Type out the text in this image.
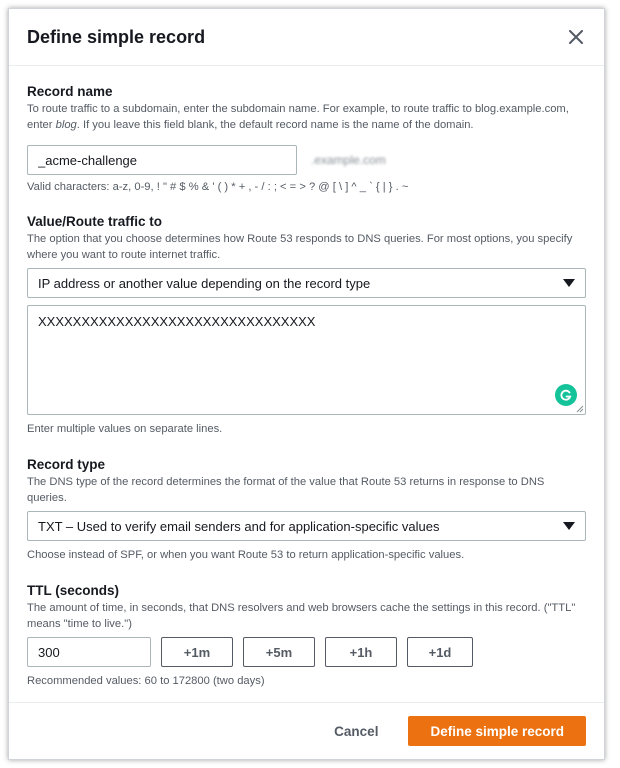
Define simple record
Record name
To route traffic to a subdomain, enter the subdomain name. For example, to route traffic to blog.example.com, enter blog. If you leave this field blank, the default record name is the name of the domain.
_acme-challenge
.example.com
Valid characters: a-z, 0-9, ! " # $ % & ' ( ) * + , - / : ; < = > ? @ [ \ ] ^ _ ` { | } . ~
Value/Route traffic to
The option that you choose determines how Route 53 responds to DNS queries. For most options, you specify where you want to route internet traffic.
IP address or another value depending on the record type
XXXXXXXXXXXXXXXXXXXXXXXXXXXXXXXX
Enter multiple values on separate lines.
Record type
The DNS type of the record determines the format of the value that Route 53 returns in response to DNS queries.
TXT – Used to verify email senders and for application-specific values
Choose instead of SPF, or when you want Route 53 to return application-specific values.
TTL (seconds)
The amount of time, in seconds, that DNS resolvers and web browsers cache the settings in this record. ("TTL" means "time to live.")
300
+1m	+5m	+1h	+1d
Recommended values: 60 to 172800 (two days)
Cancel	Define simple record
